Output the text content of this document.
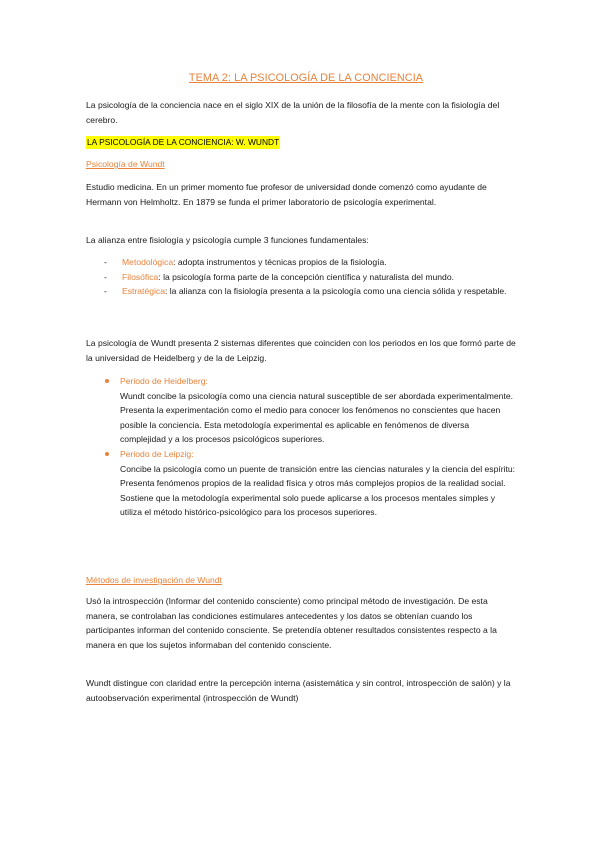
TEMA 2: LA PSICOLOGÍA DE LA CONCIENCIA

La psicología de la conciencia nace en el siglo XIX de la unión de la filosofía de la mente con la fisiología del cerebro.

LA PSICOLOGÍA DE LA CONCIENCIA: W. WUNDT
Psicología de Wundt

Estudio medicina. En un primer momento fue profesor de universidad donde comenzó como ayudante de Hermann von Helmholtz. En 1879 se funda el primer laboratorio de psicología experimental.

La alianza entre fisiología y psicología cumple 3 funciones fundamentales:

- Metodológica: adopta instrumentos y técnicas propios de la fisiología.
- Filosófica: la psicología forma parte de la concepción científica y naturalista del mundo.
- Estratégica: la alianza con la fisiología presenta a la psicología como una ciencia sólida y respetable.

La psicología de Wundt presenta 2 sistemas diferentes que coinciden con los periodos en los que formó parte de la universidad de Heidelberg y de la de Leipzig.

Periodo de Heidelberg:
Wundt concibe la psicología como una ciencia natural susceptible de ser abordada experimentalmente. Presenta la experimentación como el medio para conocer los fenómenos no conscientes que hacen posible la conciencia. Esta metodología experimental es aplicable en fenómenos de diversa complejidad y a los procesos psicológicos superiores.
Periodo de Leipzig:
Concibe la psicología como un puente de transición entre las ciencias naturales y la ciencia del espíritu: Presenta fenómenos propios de la realidad física y otros más complejos propios de la realidad social.
Sostiene que la metodología experimental solo puede aplicarse a los procesos mentales simples y utiliza el método histórico-psicológico para los procesos superiores.
Métodos de investigación de Wundt

Usó la introspección (Informar del contenido consciente) como principal método de investigación. De esta manera, se controlaban las condiciones estimulares antecedentes y los datos se obtenían cuando los participantes informan del contenido consciente. Se pretendía obtener resultados consistentes respecto a la manera en que los sujetos informaban del contenido consciente.

Wundt distingue con claridad entre la percepción interna (asistemática y sin control, introspección de salón) y la autoobservación experimental (introspección de Wundt)
